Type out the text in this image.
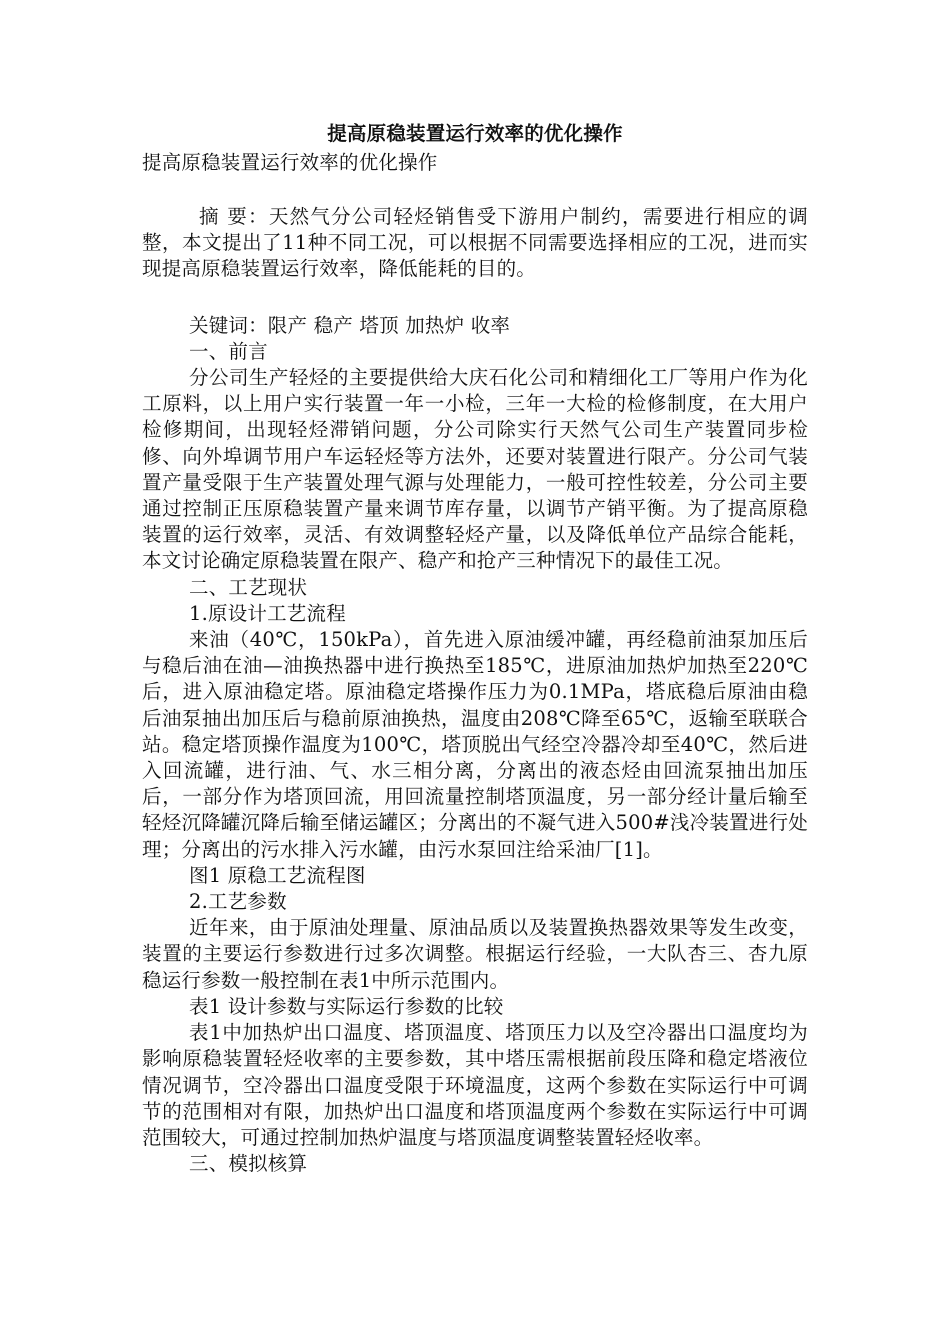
提高原稳装置运行效率的优化操作

提高原稳装置运行效率的优化操作

摘 要：天然气分公司轻烃销售受下游用户制约，需要进行相应的调整，本文提出了11种不同工况，可以根据不同需要选择相应的工况，进而实现提高原稳装置运行效率，降低能耗的目的。

关键词：限产 稳产 塔顶 加热炉 收率

一、前言

分公司生产轻烃的主要提供给大庆石化公司和精细化工厂等用户作为化工原料，以上用户实行装置一年一小检，三年一大检的检修制度，在大用户检修期间，出现轻烃滞销问题，分公司除实行天然气公司生产装置同步检修、向外埠调节用户车运轻烃等方法外，还要对装置进行限产。分公司气装置产量受限于生产装置处理气源与处理能力，一般可控性较差，分公司主要通过控制正压原稳装置产量来调节库存量，以调节产销平衡。为了提高原稳装置的运行效率，灵活、有效调整轻烃产量，以及降低单位产品综合能耗，本文讨论确定原稳装置在限产、稳产和抢产三种情况下的最佳工况。

二、工艺现状

1.原设计工艺流程

来油（40℃，150kPa），首先进入原油缓冲罐，再经稳前油泵加压后与稳后油在油—油换热器中进行换热至185℃，进原油加热炉加热至220℃后，进入原油稳定塔。原油稳定塔操作压力为0.1MPa，塔底稳后原油由稳后油泵抽出加压后与稳前原油换热，温度由208℃降至65℃，返输至联联合站。稳定塔顶操作温度为100℃，塔顶脱出气经空冷器冷却至40℃，然后进入回流罐，进行油、气、水三相分离，分离出的液态烃由回流泵抽出加压后，一部分作为塔顶回流，用回流量控制塔顶温度，另一部分经计量后输至轻烃沉降罐沉降后输至储运罐区；分离出的不凝气进入500#浅冷装置进行处理；分离出的污水排入污水罐，由污水泵回注给采油厂[1]。

图1 原稳工艺流程图

2.工艺参数

近年来，由于原油处理量、原油品质以及装置换热器效果等发生改变，装置的主要运行参数进行过多次调整。根据运行经验，一大队杏三、杏九原稳运行参数一般控制在表1中所示范围内。

表1 设计参数与实际运行参数的比较

表1中加热炉出口温度、塔顶温度、塔顶压力以及空冷器出口温度均为影响原稳装置轻烃收率的主要参数，其中塔压需根据前段压降和稳定塔液位情况调节，空冷器出口温度受限于环境温度，这两个参数在实际运行中可调节的范围相对有限，加热炉出口温度和塔顶温度两个参数在实际运行中可调范围较大，可通过控制加热炉温度与塔顶温度调整装置轻烃收率。

三、模拟核算
